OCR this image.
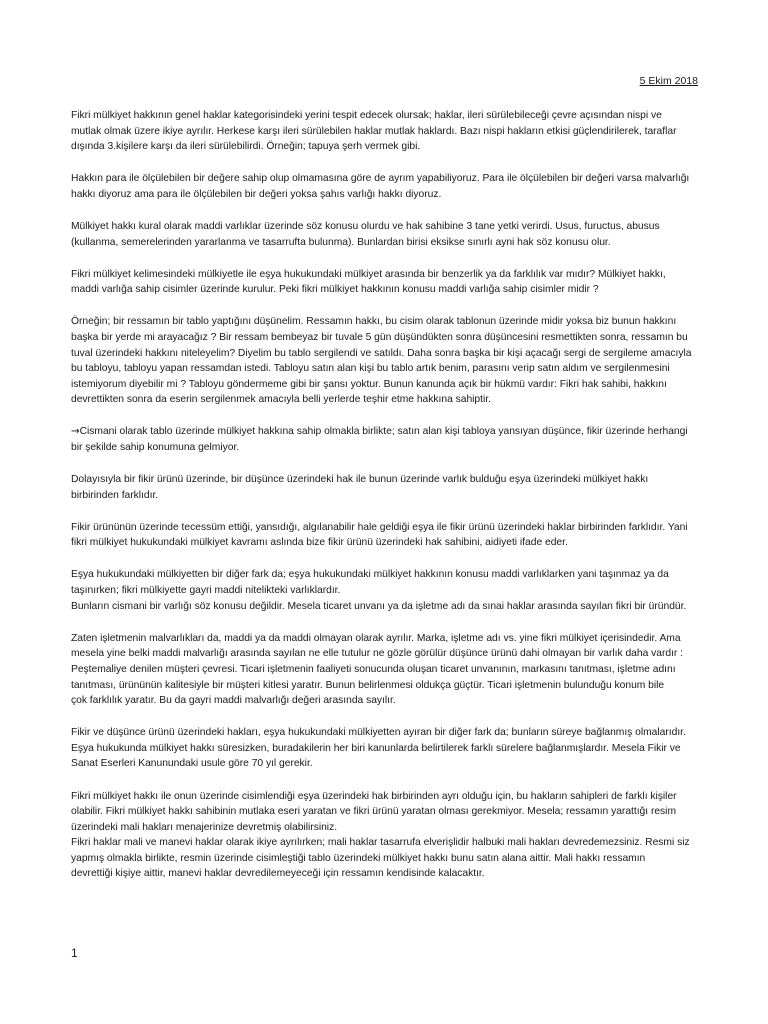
5 Ekim 2018

Fikri mülkiyet hakkının genel haklar kategorisindeki yerini tespit edecek olursak; haklar, ileri sürülebileceği çevre açısından nispi ve
mutlak olmak üzere ikiye ayrılır. Herkese karşı ileri sürülebilen haklar mutlak haklardı. Bazı nispi hakların etkisi güçlendirilerek, taraflar
dışında 3.kişilere karşı da ileri sürülebilirdi. Örneğin; tapuya şerh vermek gibi.

Hakkın para ile ölçülebilen bir değere sahip olup olmamasına göre de ayrım yapabiliyoruz. Para ile ölçülebilen bir değeri varsa malvarlığı
hakkı diyoruz ama para ile ölçülebilen bir değeri yoksa şahıs varlığı hakkı diyoruz.

Mülkiyet hakkı kural olarak maddi varlıklar üzerinde söz konusu olurdu ve hak sahibine 3 tane yetki verirdi. Usus, fuructus, abusus
(kullanma, semerelerinden yararlanma ve tasarrufta bulunma). Bunlardan birisi eksikse sınırlı ayni hak söz konusu olur.

Fikri mülkiyet kelimesindeki mülkiyetle ile eşya hukukundaki mülkiyet arasında bir benzerlik ya da farklılık var mıdır? Mülkiyet hakkı,
maddi varlığa sahip cisimler üzerinde kurulur. Peki fikri mülkiyet hakkının konusu maddi varlığa sahip cisimler midir ?

Örneğin; bir ressamın bir tablo yaptığını düşünelim. Ressamın hakkı, bu cisim olarak tablonun üzerinde midir yoksa biz bunun hakkını
başka bir yerde mi arayacağız ? Bir ressam bembeyaz bir tuvale 5 gün düşündükten sonra düşüncesini resmettikten sonra, ressamın bu
tuval üzerindeki hakkını niteleyelim? Diyelim bu tablo sergilendi ve satıldı. Daha sonra başka bir kişi açacağı sergi de sergileme amacıyla
bu tabloyu, tabloyu yapan ressamdan istedi. Tabloyu satın alan kişi bu tablo artık benim, parasını verip satın aldım ve sergilenmesini
istemiyorum diyebilir mi ? Tabloyu göndermeme gibi bir şansı yoktur. Bunun kanunda açık bir hükmü vardır: Fikri hak sahibi, hakkını
devrettikten sonra da eserin sergilenmek amacıyla belli yerlerde teşhir etme hakkına sahiptir.

→Cismani olarak tablo üzerinde mülkiyet hakkına sahip olmakla birlikte; satın alan kişi tabloya yansıyan düşünce, fikir üzerinde herhangi
bir şekilde sahip konumuna gelmiyor.

Dolayısıyla bir fikir ürünü üzerinde, bir düşünce üzerindeki hak ile bunun üzerinde varlık bulduğu eşya üzerindeki mülkiyet hakkı
birbirinden farklıdır.

Fikir ürününün üzerinde tecessüm ettiği, yansıdığı, algılanabilir hale geldiği eşya ile fikir ürünü üzerindeki haklar birbirinden farklıdır. Yani
fikri mülkiyet hukukundaki mülkiyet kavramı aslında bize fikir ürünü üzerindeki hak sahibini, aidiyeti ifade eder.

Eşya hukukundaki mülkiyetten bir diğer fark da; eşya hukukundaki mülkiyet hakkının konusu maddi varlıklarken yani taşınmaz ya da
taşınırken; fikri mülkiyette gayri maddi nitelikteki varlıklardır.
Bunların cismani bir varlığı söz konusu değildir. Mesela ticaret unvanı ya da işletme adı da sınai haklar arasında sayılan fikri bir üründür.

Zaten işletmenin malvarlıkları da, maddi ya da maddi olmayan olarak ayrılır. Marka, işletme adı vs. yine fikri mülkiyet içerisindedir. Ama
mesela yine belki maddi malvarlığı arasında sayılan ne elle tutulur ne gözle görülür düşünce ürünü dahi olmayan bir varlık daha vardır :
Peştemaliye denilen müşteri çevresi. Ticari işletmenin faaliyeti sonucunda oluşan ticaret unvanının, markasını tanıtması, işletme adını
tanıtması, ürününün kalitesiyle bir müşteri kitlesi yaratır. Bunun belirlenmesi oldukça güçtür. Ticari işletmenin bulunduğu konum bile
çok farklılık yaratır. Bu da gayri maddi malvarlığı değeri arasında sayılır.

Fikir ve düşünce ürünü üzerindeki hakları, eşya hukukundaki mülkiyetten ayıran bir diğer fark da; bunların süreye bağlanmış olmalarıdır.
Eşya hukukunda mülkiyet hakkı süresizken, buradakilerin her biri kanunlarda belirtilerek farklı sürelere bağlanmışlardır. Mesela Fikir ve
Sanat Eserleri Kanunundaki usule göre 70 yıl gerekir.

Fikri mülkiyet hakkı ile onun üzerinde cisimlendiği eşya üzerindeki hak birbirinden ayrı olduğu için, bu hakların sahipleri de farklı kişiler
olabilir. Fikri mülkiyet hakkı sahibinin mutlaka eseri yaratan ve fikri ürünü yaratan olması gerekmiyor. Mesela; ressamın yarattığı resim
üzerindeki mali hakları menajerinize devretmiş olabilirsiniz.
Fikri haklar mali ve manevi haklar olarak ikiye ayrılırken; mali haklar tasarrufa elverişlidir halbuki mali hakları devredemezsiniz. Resmi siz
yapmış olmakla birlikte, resmin üzerinde cisimleştiği tablo üzerindeki mülkiyet hakkı bunu satın alana aittir. Mali hakkı ressamın
devrettiği kişiye aittir, manevi haklar devredilemeyeceği için ressamın kendisinde kalacaktır.

1
